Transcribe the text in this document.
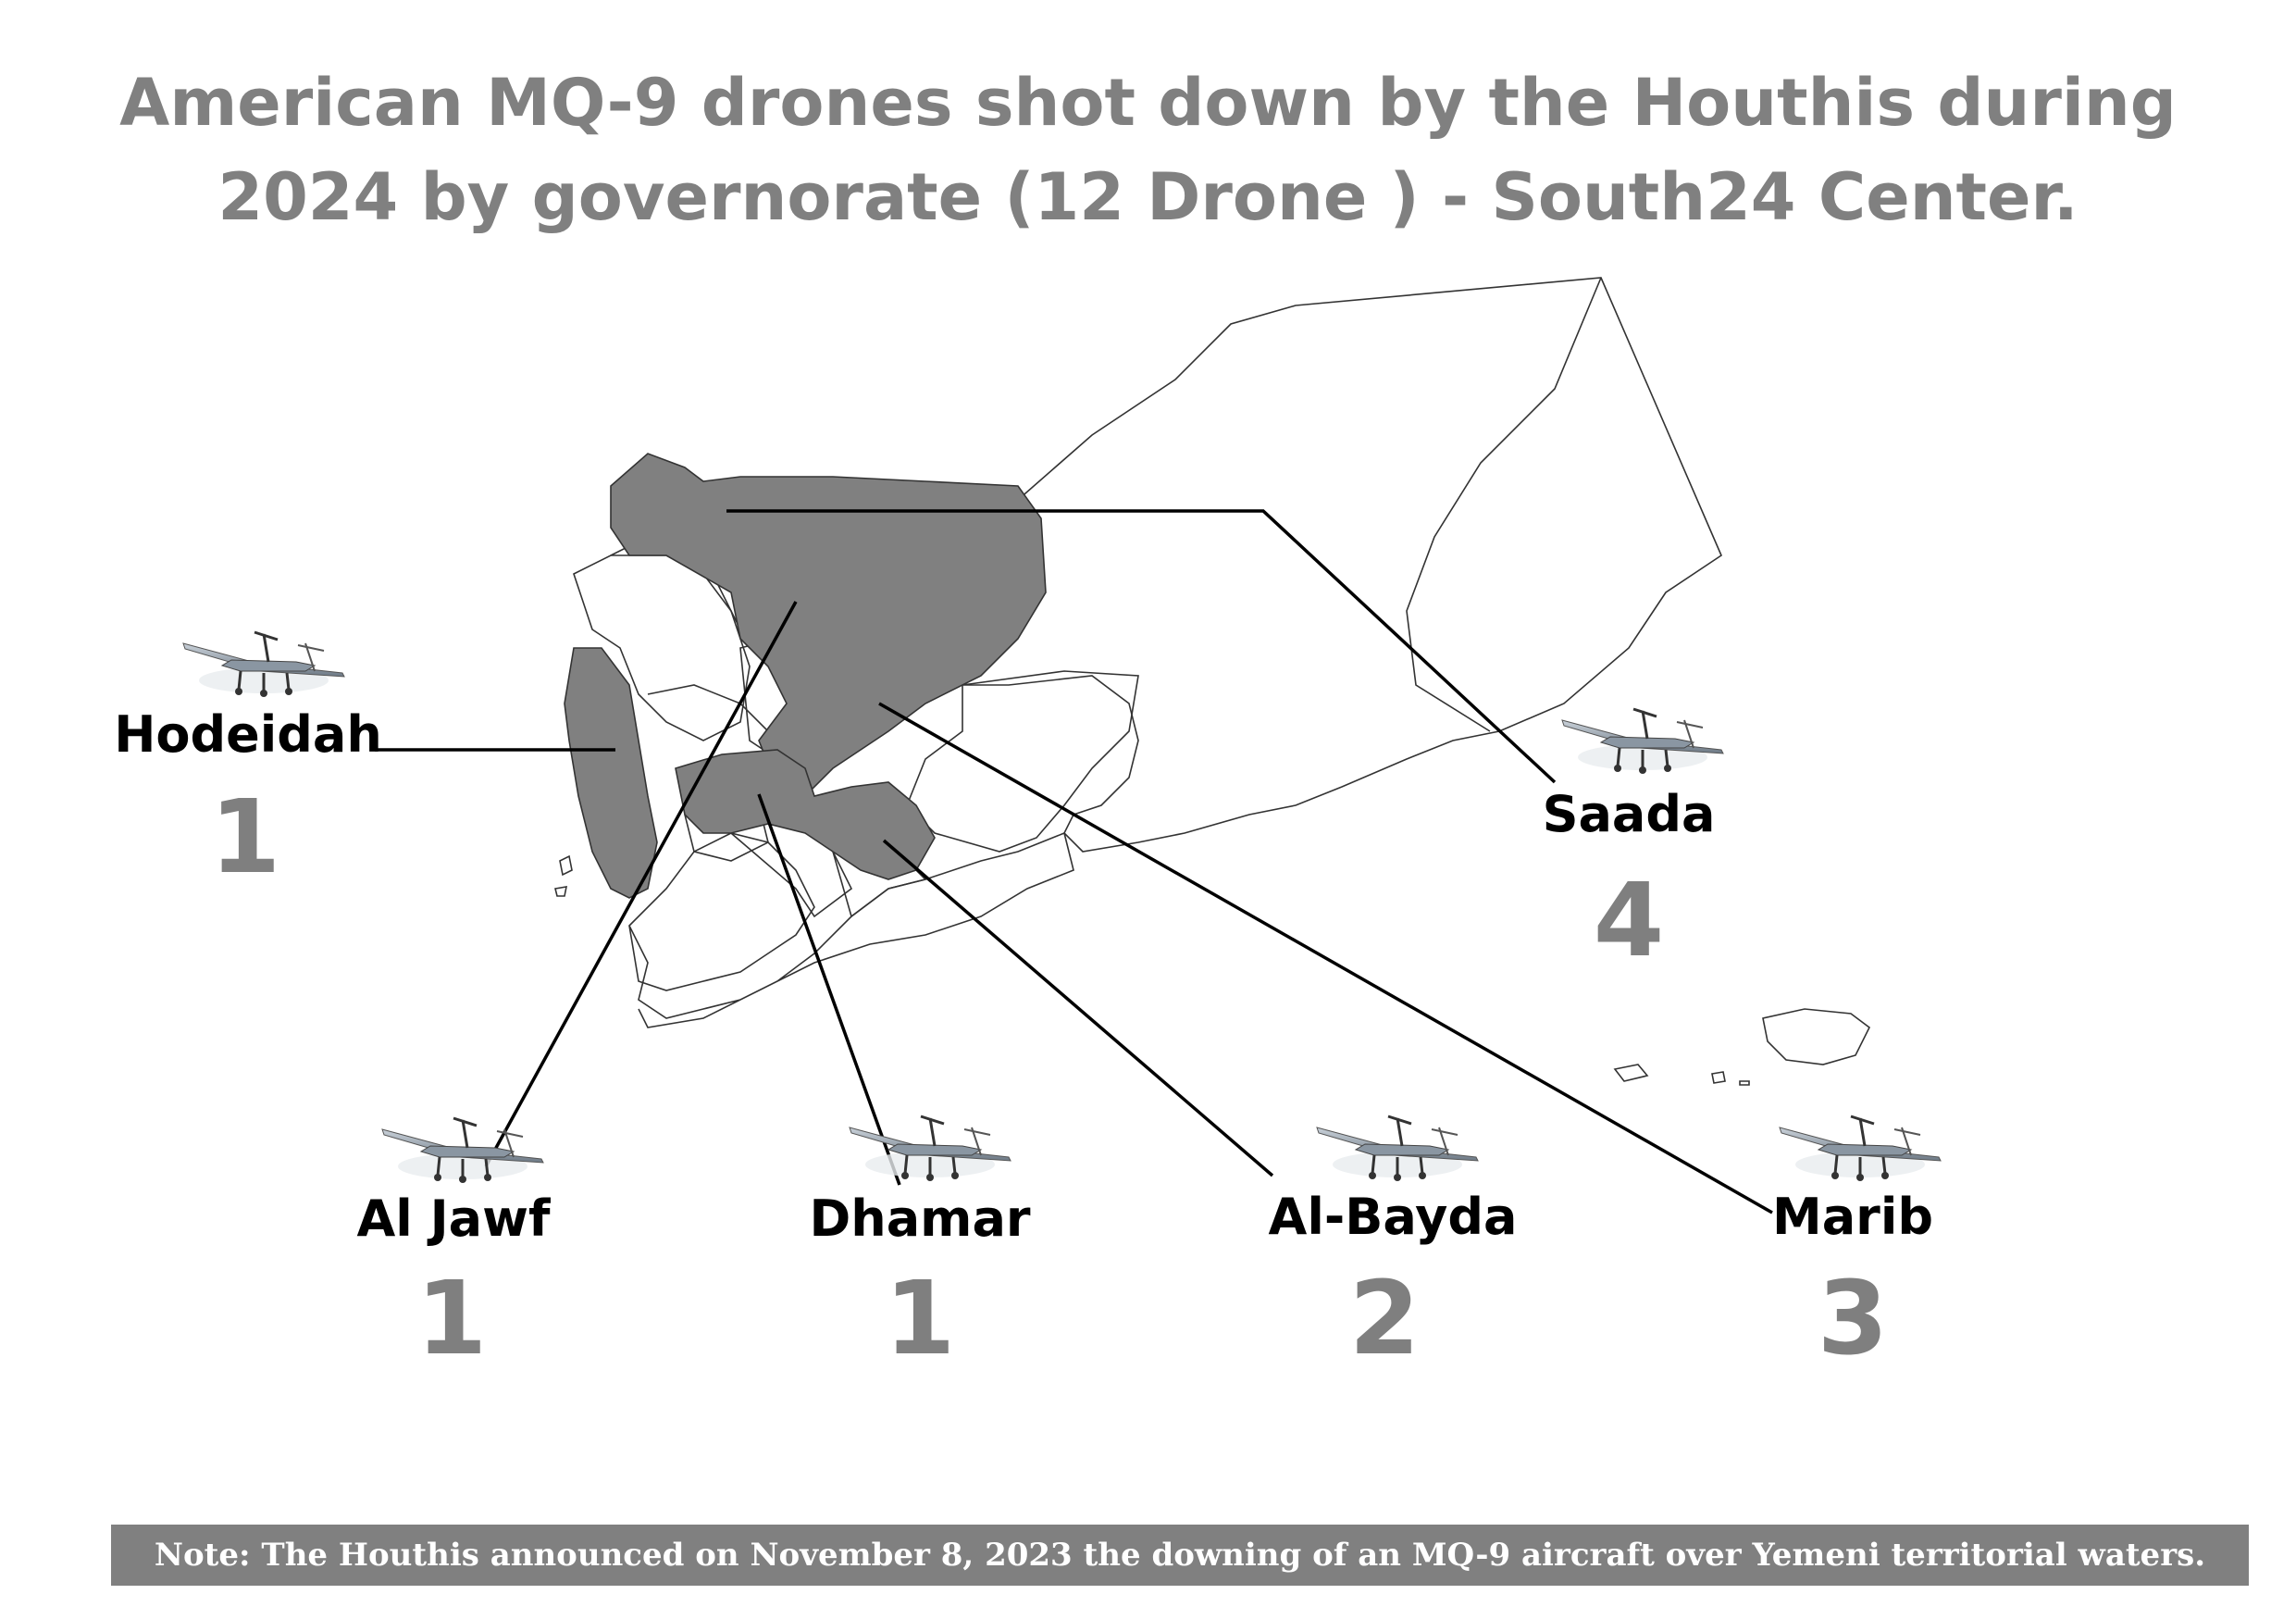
American MQ-9 drones shot down by the Houthis during
2024 by governorate (12 Drone ) - South24 Center.
Hodeidah
1	Saada
4
Al Jawf
1
Dhamar
1
Al-Bayda
2
Marib
3
Note: The Houthis announced on November 8, 2023 the downing of an MQ-9 aircraft over Yemeni territorial waters.
